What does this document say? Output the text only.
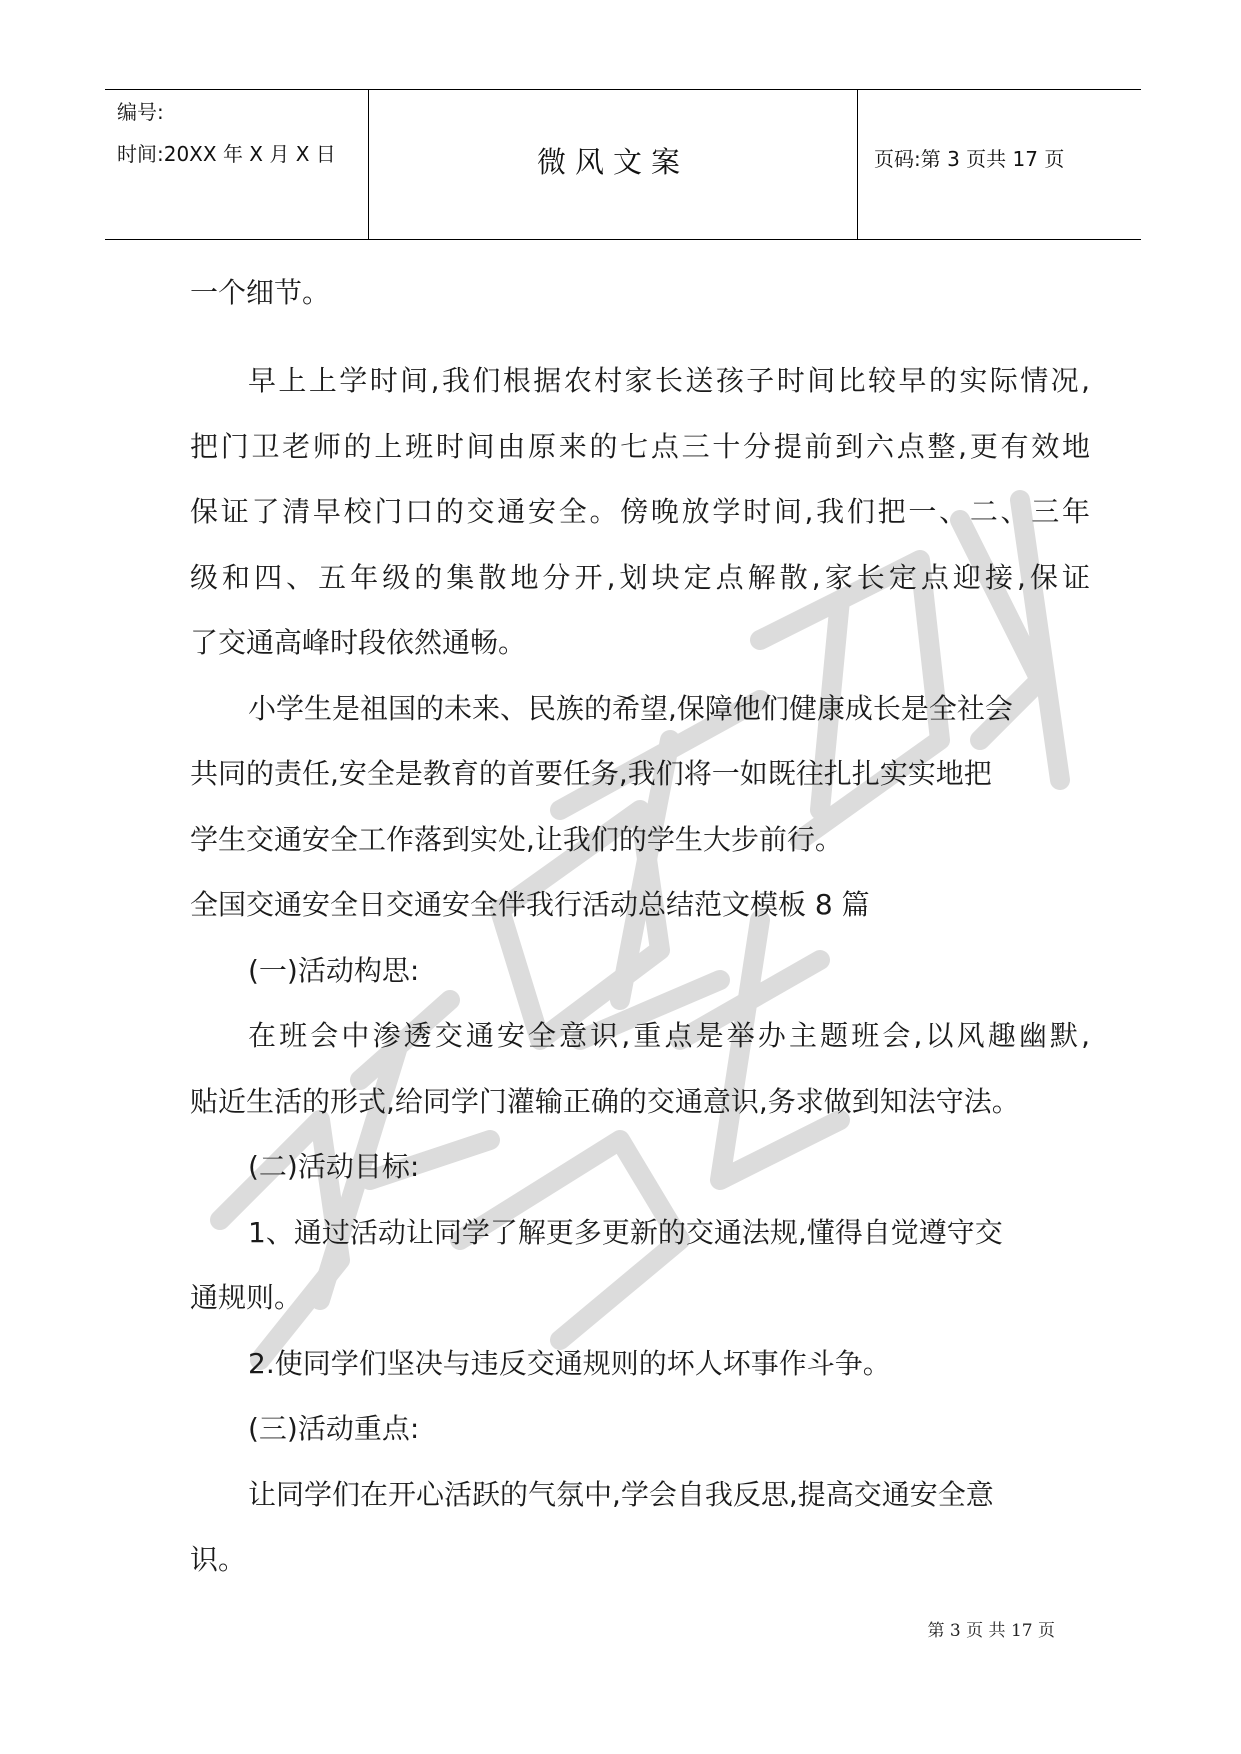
编号:
时间:20XX 年 X 月 X 日	微风文案	页码:第 3 页共 17 页
一个细节。
早上上学时间,我们根据农村家长送孩子时间比较早的实际情况,
把门卫老师的上班时间由原来的七点三十分提前到六点整,更有效地
保证了清早校门口的交通安全。傍晚放学时间,我们把一、二、三年
级和四、五年级的集散地分开,划块定点解散,家长定点迎接,保证
了交通高峰时段依然通畅。
小学生是祖国的未来、民族的希望,保障他们健康成长是全社会
共同的责任,安全是教育的首要任务,我们将一如既往扎扎实实地把
学生交通安全工作落到实处,让我们的学生大步前行。
全国交通安全日交通安全伴我行活动总结范文模板 8 篇
(一)活动构思:
在班会中渗透交通安全意识,重点是举办主题班会,以风趣幽默,
贴近生活的形式,给同学门灌输正确的交通意识,务求做到知法守法。
(二)活动目标:
1、通过活动让同学了解更多更新的交通法规,懂得自觉遵守交
通规则。
2.使同学们坚决与违反交通规则的坏人坏事作斗争。
(三)活动重点:
让同学们在开心活跃的气氛中,学会自我反思,提高交通安全意
识。
第 3 页 共 17 页
